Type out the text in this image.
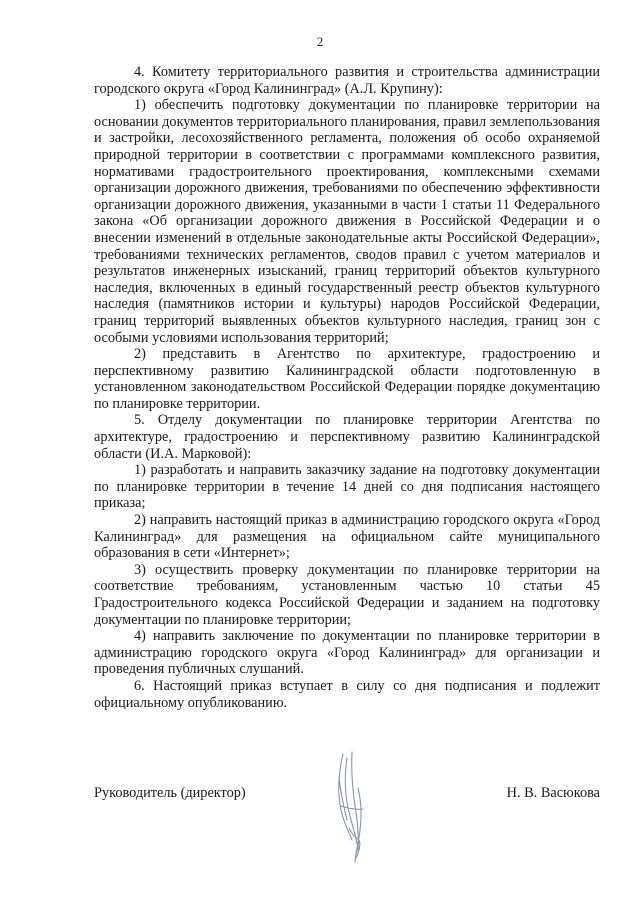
2

4. Комитету территориального развития и строительства администрации городского округа «Город Калининград» (А.Л. Крупину):

1) обеспечить подготовку документации по планировке территории на основании документов территориального планирования, правил землепользования и застройки, лесохозяйственного регламента, положения об особо охраняемой природной территории в соответствии с программами комплексного развития, нормативами градостроительного проектирования, комплексными схемами организации дорожного движения, требованиями по обеспечению эффективности организации дорожного движения, указанными в части 1 статьи 11 Федерального закона «Об организации дорожного движения в Российской Федерации и о внесении изменений в отдельные законодательные акты Российской Федерации», требованиями технических регламентов, сводов правил с учетом материалов и результатов инженерных изысканий, границ территорий объектов культурного наследия, включенных в единый государственный реестр объектов культурного наследия (памятников истории и культуры) народов Российской Федерации, границ территорий выявленных объектов культурного наследия, границ зон с особыми условиями использования территорий;

2) представить в Агентство по архитектуре, градостроению и перспективному развитию Калининградской области подготовленную в установленном законодательством Российской Федерации порядке документацию по планировке территории.

5. Отделу документации по планировке территории Агентства по архитектуре, градостроению и перспективному развитию Калининградской области (И.А. Марковой):

1) разработать и направить заказчику задание на подготовку документации по планировке территории в течение 14 дней со дня подписания настоящего приказа;

2) направить настоящий приказ в администрацию городского округа «Город Калининград» для размещения на официальном сайте муниципального образования в сети «Интернет»;

3) осуществить проверку документации по планировке территории на соответствие требованиям, установленным частью 10 статьи 45 Градостроительного кодекса Российской Федерации и заданием на подготовку документации по планировке территории;

4) направить заключение по документации по планировке территории в администрацию городского округа «Город Калининград» для организации и проведения публичных слушаний.

6. Настоящий приказ вступает в силу со дня подписания и подлежит официальному опубликованию.

Руководитель (директор)	Н. В. Васюкова
